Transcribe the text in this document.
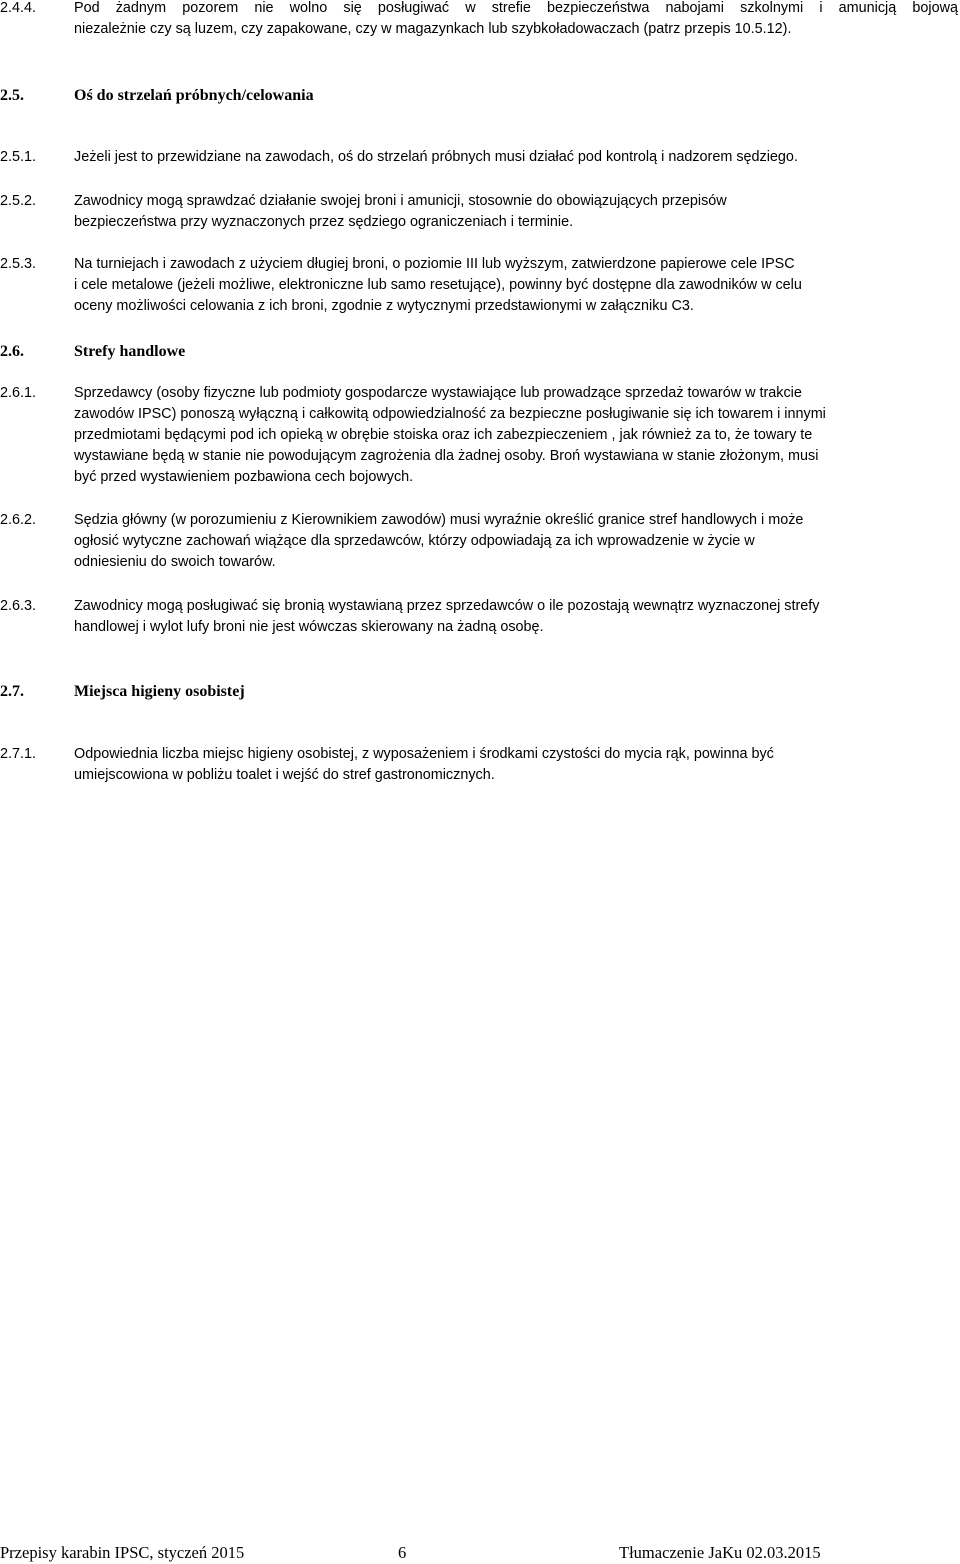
2.4.4.	Pod żadnym pozorem nie wolno się posługiwać w strefie bezpieczeństwa nabojami szkolnymi i amunicją bojową
niezależnie czy są luzem, czy zapakowane, czy w magazynkach lub szybkoładowaczach (patrz przepis 10.5.12).
2.5.	Oś do strzelań próbnych/celowania
2.5.1.	Jeżeli jest to przewidziane na zawodach, oś do strzelań próbnych musi działać pod kontrolą i nadzorem sędziego.
2.5.2.	Zawodnicy mogą sprawdzać działanie swojej broni i amunicji, stosownie do obowiązujących przepisów
bezpieczeństwa przy wyznaczonych przez sędziego ograniczeniach i terminie.
2.5.3.	Na turniejach i zawodach z użyciem długiej broni, o poziomie III lub wyższym, zatwierdzone papierowe cele IPSC
i cele metalowe (jeżeli możliwe, elektroniczne lub samo resetujące), powinny być dostępne dla zawodników w celu
oceny możliwości celowania z ich broni, zgodnie z wytycznymi przedstawionymi w załączniku C3.
2.6.	Strefy handlowe
2.6.1.	Sprzedawcy (osoby fizyczne lub podmioty gospodarcze wystawiające lub prowadzące sprzedaż towarów w trakcie
zawodów IPSC) ponoszą wyłączną i całkowitą odpowiedzialność za bezpieczne posługiwanie się ich towarem i innymi
przedmiotami będącymi pod ich opieką w obrębie stoiska oraz ich zabezpieczeniem , jak również za to, że towary te
wystawiane będą w stanie nie powodującym zagrożenia dla żadnej osoby. Broń wystawiana w stanie złożonym, musi
być przed wystawieniem pozbawiona cech bojowych.
2.6.2.	Sędzia główny (w porozumieniu z Kierownikiem zawodów) musi wyraźnie określić granice stref handlowych i może
ogłosić wytyczne zachowań wiążące dla sprzedawców, którzy odpowiadają za ich wprowadzenie w życie w
odniesieniu do swoich towarów.
2.6.3.	Zawodnicy mogą posługiwać się bronią wystawianą przez sprzedawców o ile pozostają wewnątrz wyznaczonej strefy
handlowej i wylot lufy broni nie jest wówczas skierowany na żadną osobę.
2.7.	Miejsca higieny osobistej
2.7.1.	Odpowiednia liczba miejsc higieny osobistej, z wyposażeniem i środkami czystości do mycia rąk, powinna być
umiejscowiona w pobliżu toalet i wejść do stref gastronomicznych.
Przepisy karabin IPSC, styczeń 2015	6	Tłumaczenie JaKu 02.03.2015
